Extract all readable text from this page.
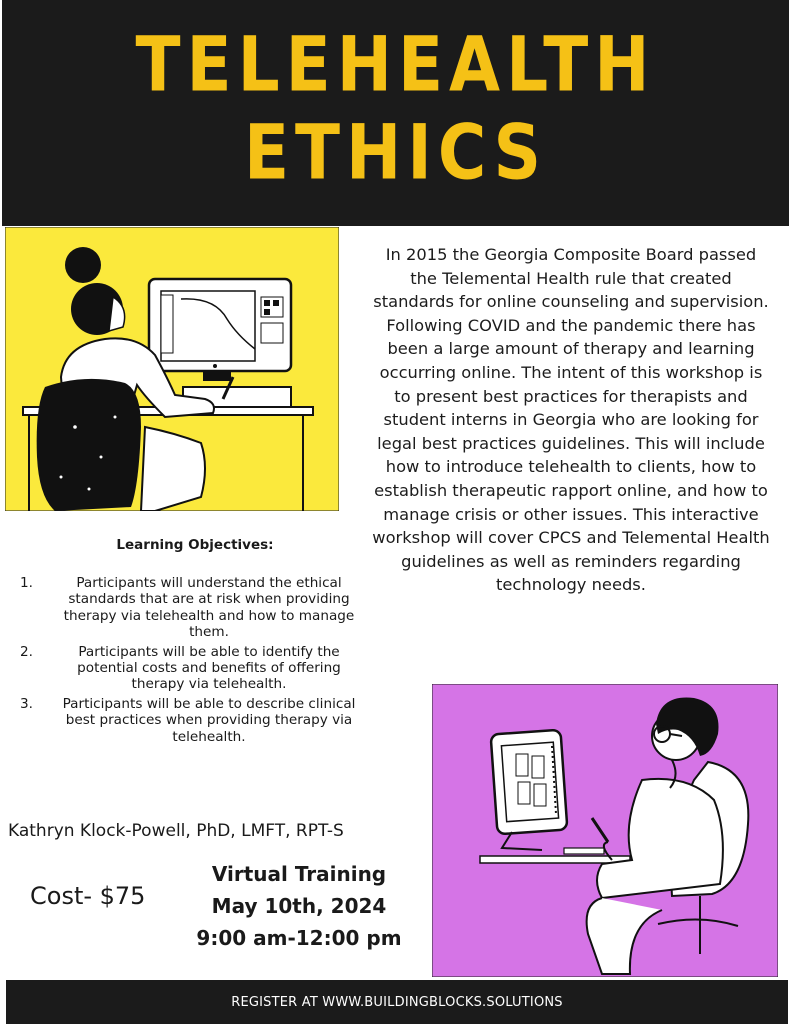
TELEHEALTH
ETHICS
In 2015 the Georgia Composite Board passed the Telemental Health rule that created standards for online counseling and supervision. Following COVID and the pandemic there has been a large amount of therapy and learning occurring online. The intent of this workshop is to present best practices for therapists and student interns in Georgia who are looking for legal best practices guidelines. This will include how to introduce telehealth to clients, how to establish therapeutic rapport online, and how to manage crisis or other issues. This interactive workshop will cover CPCS and Telemental Health guidelines as well as reminders regarding technology needs.
Learning Objectives:
1.	Participants will understand the ethical standards that are at risk when providing therapy via telehealth and how to manage them.
2.	Participants will be able to identify the potential costs and benefits of offering therapy via telehealth.
3. Participants will be able to describe clinical best practices when providing therapy via telehealth.
Kathryn Klock-Powell, PhD, LMFT, RPT-S
Cost- $75
Virtual Training
May 10th, 2024
9:00 am-12:00 pm
REGISTER AT WWW.BUILDINGBLOCKS.SOLUTIONS
